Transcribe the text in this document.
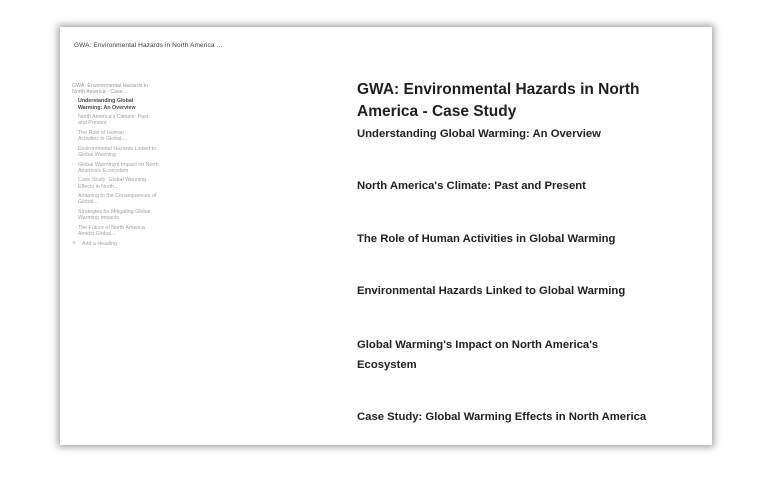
GWA: Environmental Hazards in North America ...
GWA: Environmental Hazards in North America - Case...
Understanding Global Warming: An Overview
North America's Climate: Past and Present
The Role of Human Activities in Global...
Environmental Hazards Linked to Global Warming
Global Warming's Impact on North America's Ecosystem
Case Study: Global Warming Effects in North...
Adapting to the Consequences of Global...
Strategies for Mitigating Global Warming Impacts
The Future of North America Amidst Global...
+	Add a Heading
GWA: Environmental Hazards in North America - Case Study
Understanding Global Warming: An Overview
North America's Climate: Past and Present
The Role of Human Activities in Global Warming
Environmental Hazards Linked to Global Warming
Global Warming's Impact on North America's Ecosystem
Case Study: Global Warming Effects in North America
